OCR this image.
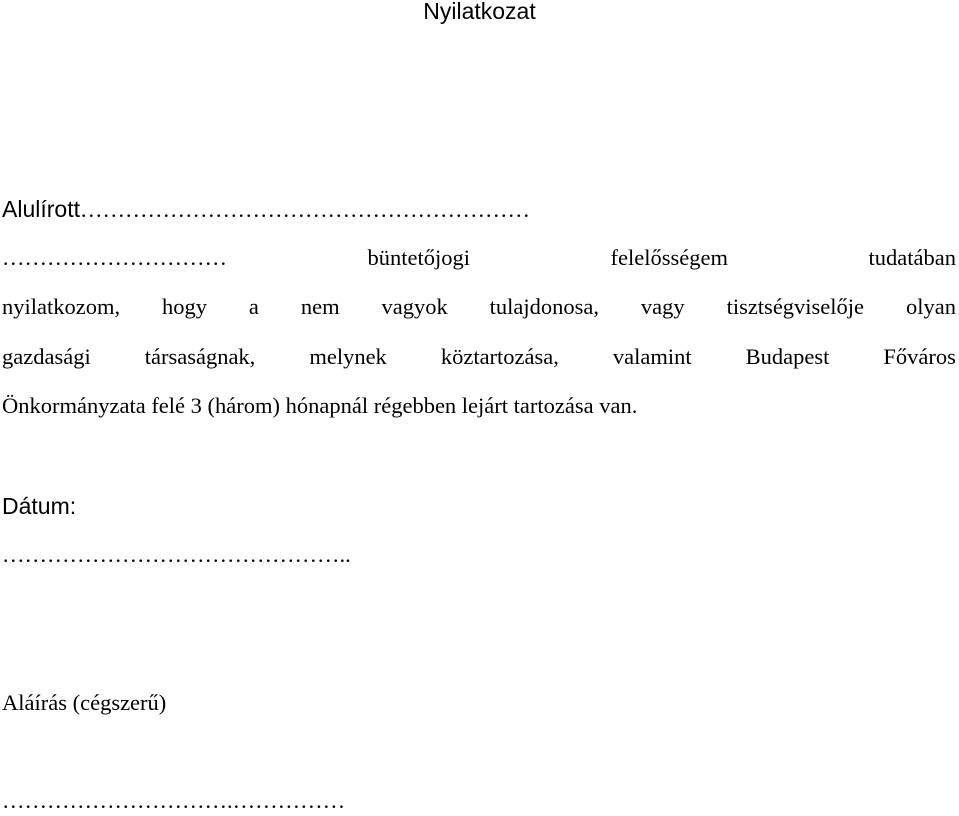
Nyilatkozat
Alulírott……………………………………………………
…………………………	büntetőjogi	felelősségem	tudatában
nyilatkozom, hogy a nem vagyok tulajdonosa, vagy tisztségviselője olyan
gazdasági társaságnak, melynek köztartozása, valamint Budapest Főváros
Önkormányzata felé 3 (három) hónapnál régebben lejárt tartozása van.
Dátum:
………………………………………..
Aláírás (cégszerű)
………………………….……………
